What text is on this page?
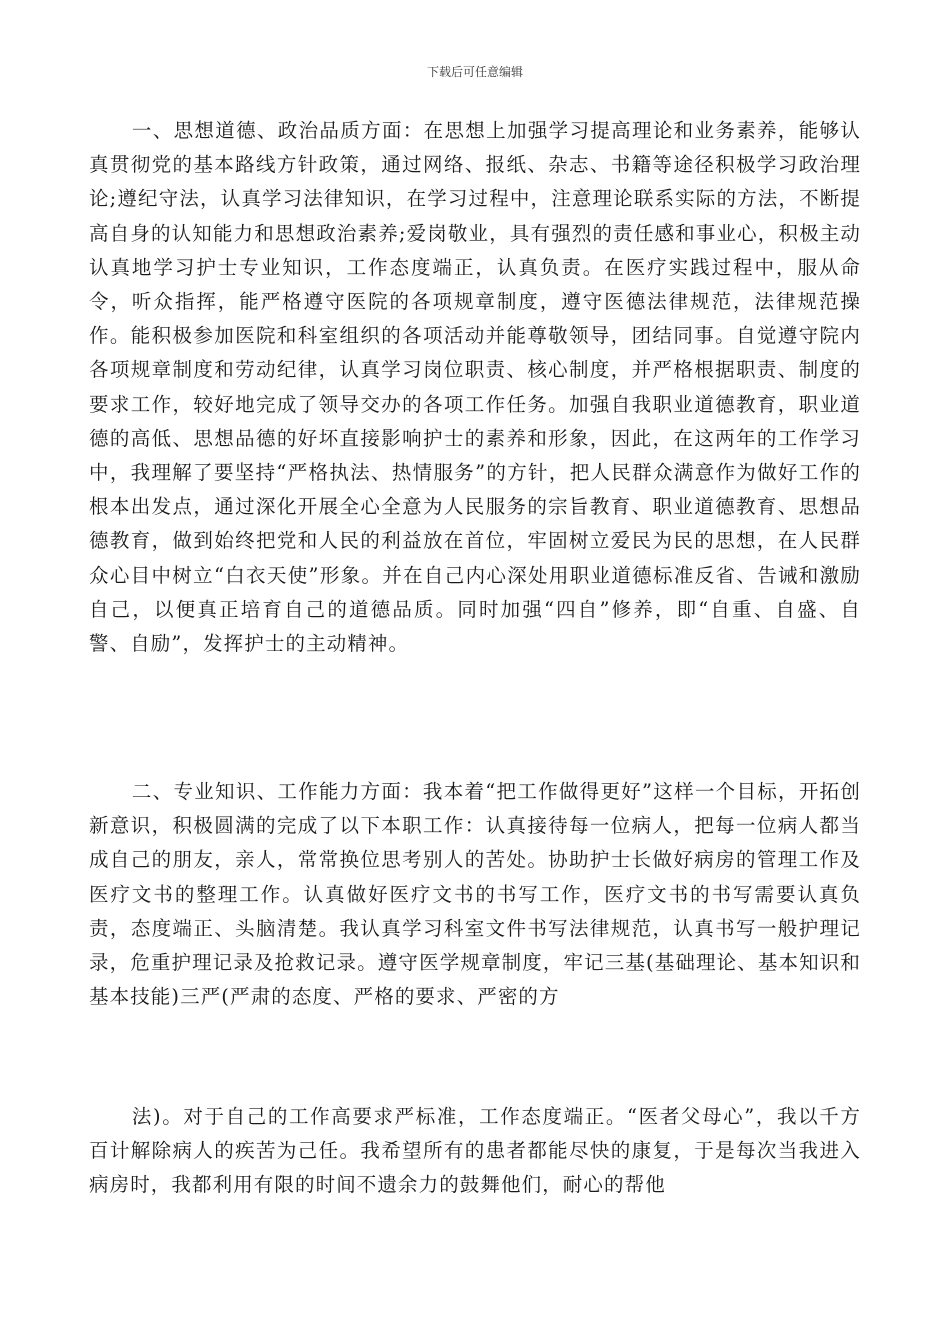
下载后可任意编辑

一、思想道德、政治品质方面：在思想上加强学习提高理论和业务素养，能够认真贯彻党的基本路线方针政策，通过网络、报纸、杂志、书籍等途径积极学习政治理论;遵纪守法，认真学习法律知识，在学习过程中，注意理论联系实际的方法，不断提高自身的认知能力和思想政治素养;爱岗敬业，具有强烈的责任感和事业心，积极主动认真地学习护士专业知识，工作态度端正，认真负责。在医疗实践过程中，服从命令，听众指挥，能严格遵守医院的各项规章制度，遵守医德法律规范，法律规范操作。能积极参加医院和科室组织的各项活动并能尊敬领导，团结同事。自觉遵守院内各项规章制度和劳动纪律，认真学习岗位职责、核心制度，并严格根据职责、制度的要求工作，较好地完成了领导交办的各项工作任务。加强自我职业道德教育，职业道德的高低、思想品德的好坏直接影响护士的素养和形象，因此，在这两年的工作学习中，我理解了要坚持“严格执法、热情服务”的方针，把人民群众满意作为做好工作的根本出发点，通过深化开展全心全意为人民服务的宗旨教育、职业道德教育、思想品德教育，做到始终把党和人民的利益放在首位，牢固树立爱民为民的思想，在人民群众心目中树立“白衣天使”形象。并在自己内心深处用职业道德标准反省、告诫和激励自己，以便真正培育自己的道德品质。同时加强“四自”修养，即“自重、自盛、自警、自励”，发挥护士的主动精神。

二、专业知识、工作能力方面：我本着“把工作做得更好”这样一个目标，开拓创新意识，积极圆满的完成了以下本职工作：认真接待每一位病人，把每一位病人都当成自己的朋友，亲人，常常换位思考别人的苦处。协助护士长做好病房的管理工作及医疗文书的整理工作。认真做好医疗文书的书写工作，医疗文书的书写需要认真负责，态度端正、头脑清楚。我认真学习科室文件书写法律规范，认真书写一般护理记录，危重护理记录及抢救记录。遵守医学规章制度，牢记三基(基础理论、基本知识和基本技能)三严(严肃的态度、严格的要求、严密的方

法)。对于自己的工作高要求严标准，工作态度端正。“医者父母心”，我以千方百计解除病人的疾苦为己任。我希望所有的患者都能尽快的康复，于是每次当我进入病房时，我都利用有限的时间不遗余力的鼓舞他们，耐心的帮他
